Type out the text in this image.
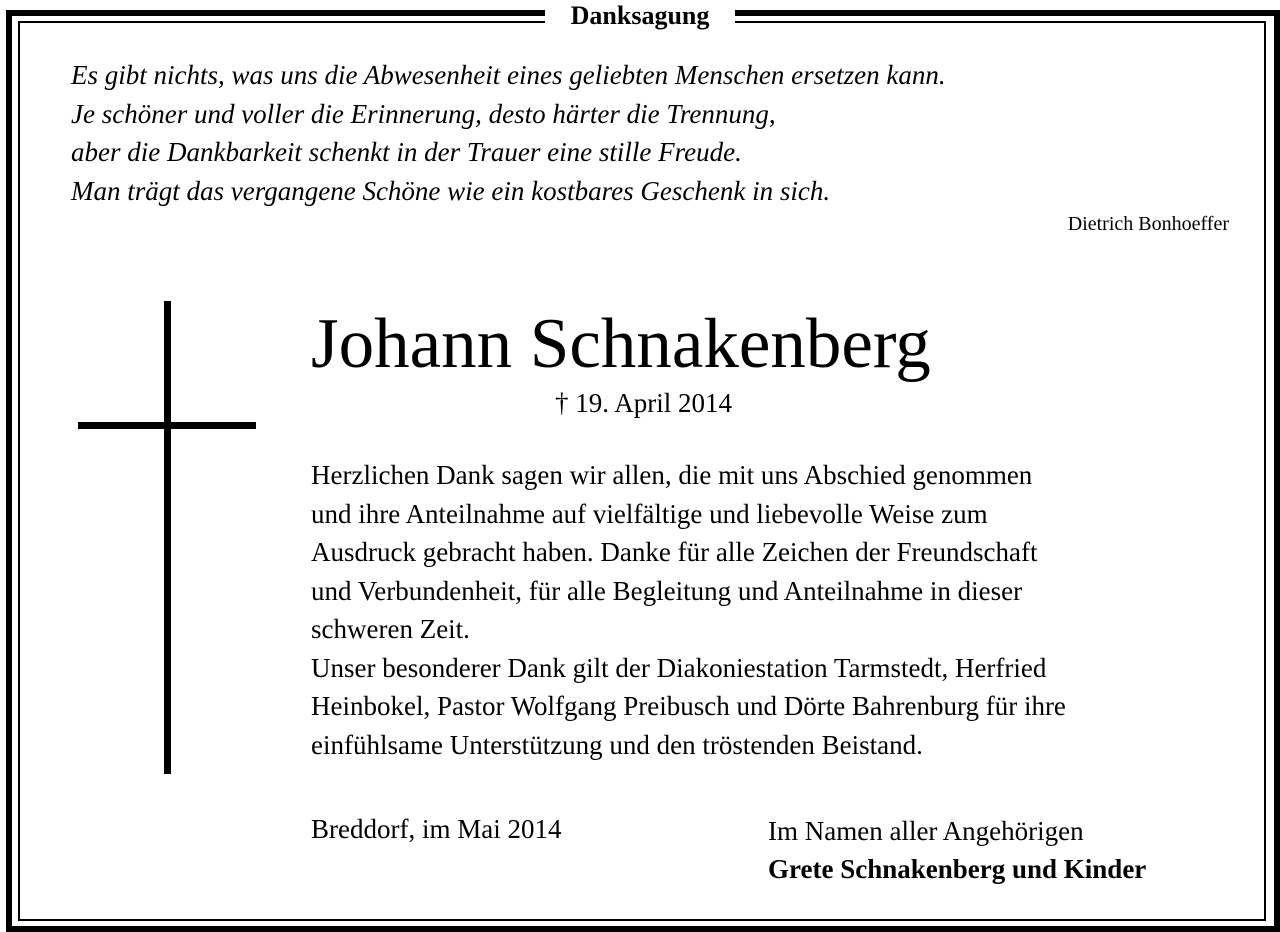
Danksagung
Es gibt nichts, was uns die Abwesenheit eines geliebten Menschen ersetzen kann.
Je schöner und voller die Erinnerung, desto härter die Trennung,
aber die Dankbarkeit schenkt in der Trauer eine stille Freude.
Man trägt das vergangene Schöne wie ein kostbares Geschenk in sich.
Dietrich Bonhoeffer
Johann Schnakenberg
† 19. April 2014
Herzlichen Dank sagen wir allen, die mit uns Abschied genommen
und ihre Anteilnahme auf vielfältige und liebevolle Weise zum
Ausdruck gebracht haben. Danke für alle Zeichen der Freundschaft
und Verbundenheit, für alle Begleitung und Anteilnahme in dieser
schweren Zeit.
Unser besonderer Dank gilt der Diakoniestation Tarmstedt, Herfried
Heinbokel, Pastor Wolfgang Preibusch und Dörte Bahrenburg für ihre
einfühlsame Unterstützung und den tröstenden Beistand.
Breddorf, im Mai 2014	Im Namen aller Angehörigen
Grete Schnakenberg und Kinder
